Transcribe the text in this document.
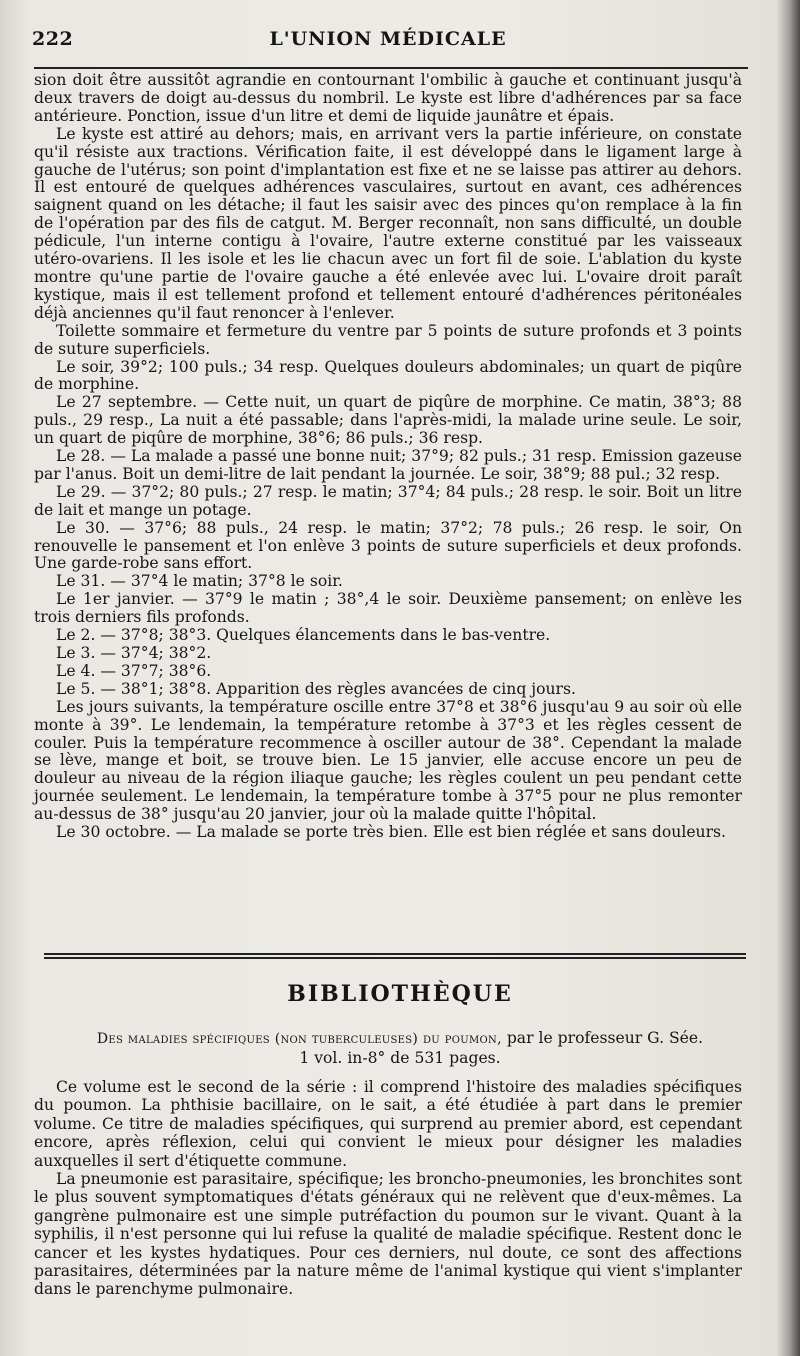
222	L'UNION MÉDICALE

sion doit être aussitôt agrandie en contournant l'ombilic à gauche et continuant jusqu'à deux travers de doigt au-dessus du nombril. Le kyste est libre d'adhérences par sa face antérieure. Ponction, issue d'un litre et demi de liquide jaunâtre et épais.

Le kyste est attiré au dehors; mais, en arrivant vers la partie inférieure, on constate qu'il résiste aux tractions. Vérification faite, il est développé dans le ligament large à gauche de l'utérus; son point d'implantation est fixe et ne se laisse pas attirer au dehors. Il est entouré de quelques adhérences vasculaires, surtout en avant, ces adhérences saignent quand on les détache; il faut les saisir avec des pinces qu'on remplace à la fin de l'opération par des fils de catgut. M. Berger reconnaît, non sans difficulté, un double pédicule, l'un interne contigu à l'ovaire, l'autre externe constitué par les vaisseaux utéro-ovariens. Il les isole et les lie chacun avec un fort fil de soie. L'ablation du kyste montre qu'une partie de l'ovaire gauche a été enlevée avec lui. L'ovaire droit paraît kystique, mais il est tellement profond et tellement entouré d'adhérences péritonéales déjà anciennes qu'il faut renoncer à l'enlever.

Toilette sommaire et fermeture du ventre par 5 points de suture profonds et 3 points de suture superficiels.

Le soir, 39°2; 100 puls.; 34 resp. Quelques douleurs abdominales; un quart de piqûre de morphine.

Le 27 septembre. — Cette nuit, un quart de piqûre de morphine. Ce matin, 38°3; 88 puls., 29 resp., La nuit a été passable; dans l'après-midi, la malade urine seule. Le soir, un quart de piqûre de morphine, 38°6; 86 puls.; 36 resp.

Le 28. — La malade a passé une bonne nuit; 37°9; 82 puls.; 31 resp. Emission gazeuse par l'anus. Boit un demi-litre de lait pendant la journée. Le soir, 38°9; 88 pul.; 32 resp.

Le 29. — 37°2; 80 puls.; 27 resp. le matin; 37°4; 84 puls.; 28 resp. le soir. Boit un litre de lait et mange un potage.

Le 30. — 37°6; 88 puls., 24 resp. le matin; 37°2; 78 puls.; 26 resp. le soir, On renouvelle le pansement et l'on enlève 3 points de suture superficiels et deux profonds. Une garde-robe sans effort.

Le 31. — 37°4 le matin; 37°8 le soir.

Le 1er janvier. — 37°9 le matin ; 38°,4 le soir. Deuxième pansement; on enlève les trois derniers fils profonds.

Le 2. — 37°8; 38°3. Quelques élancements dans le bas-ventre.

Le 3. — 37°4; 38°2.

Le 4. — 37°7; 38°6.

Le 5. — 38°1; 38°8. Apparition des règles avancées de cinq jours.

Les jours suivants, la température oscille entre 37°8 et 38°6 jusqu'au 9 au soir où elle monte à 39°. Le lendemain, la température retombe à 37°3 et les règles cessent de couler. Puis la température recommence à osciller autour de 38°. Cependant la malade se lève, mange et boit, se trouve bien. Le 15 janvier, elle accuse encore un peu de douleur au niveau de la région iliaque gauche; les règles coulent un peu pendant cette journée seulement. Le lendemain, la température tombe à 37°5 pour ne plus remonter au-dessus de 38° jusqu'au 20 janvier, jour où la malade quitte l'hôpital.

Le 30 octobre. — La malade se porte très bien. Elle est bien réglée et sans douleurs.

BIBLIOTHÈQUE
Des maladies spécifiques (non tuberculeuses) du poumon, par le professeur G. Sée.
1 vol. in-8° de 531 pages.

Ce volume est le second de la série : il comprend l'histoire des maladies spécifiques du poumon. La phthisie bacillaire, on le sait, a été étudiée à part dans le premier volume. Ce titre de maladies spécifiques, qui surprend au premier abord, est cependant encore, après réflexion, celui qui convient le mieux pour désigner les maladies auxquelles il sert d'étiquette commune.

La pneumonie est parasitaire, spécifique; les broncho-pneumonies, les bronchites sont le plus souvent symptomatiques d'états généraux qui ne relèvent que d'eux-mêmes. La gangrène pulmonaire est une simple putréfaction du poumon sur le vivant. Quant à la syphilis, il n'est personne qui lui refuse la qualité de maladie spécifique. Restent donc le cancer et les kystes hydatiques. Pour ces derniers, nul doute, ce sont des affections parasitaires, déterminées par la nature même de l'animal kystique qui vient s'implanter dans le parenchyme pulmonaire.
